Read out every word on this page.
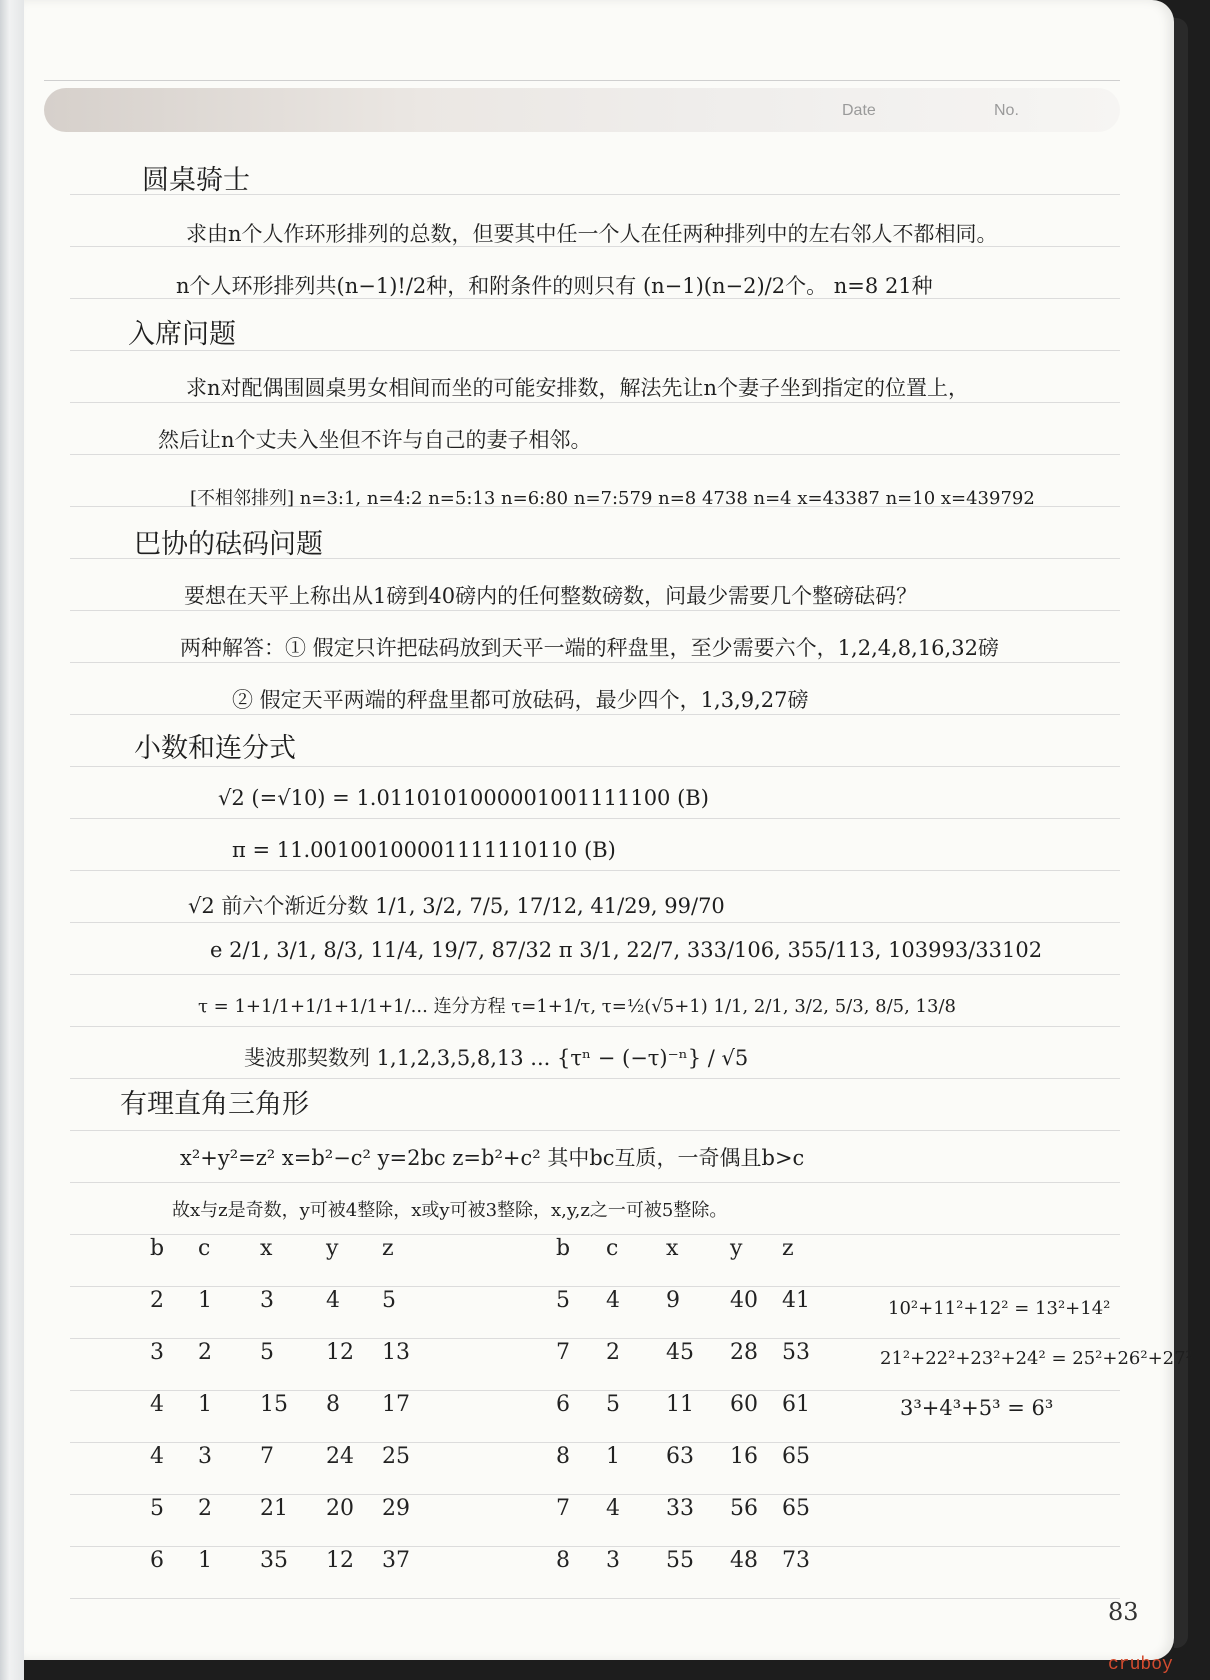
Date	No.
圆桌骑士
求由n个人作环形排列的总数，但要其中任一个人在任两种排列中的左右邻人不都相同。
n个人环形排列共(n−1)!/2种，和附条件的则只有 (n−1)(n−2)/2个。 n=8 21种
入席问题
求n对配偶围圆桌男女相间而坐的可能安排数，解法先让n个妻子坐到指定的位置上，
然后让n个丈夫入坐但不许与自己的妻子相邻。
[不相邻排列] n=3:1, n=4:2 n=5:13 n=6:80 n=7:579 n=8 4738 n=4 x=43387 n=10 x=439792
巴协的砝码问题
要想在天平上称出从1磅到40磅内的任何整数磅数，问最少需要几个整磅砝码？
两种解答：① 假定只许把砝码放到天平一端的秤盘里，至少需要六个，1,2,4,8,16,32磅
② 假定天平两端的秤盘里都可放砝码，最少四个，1,3,9,27磅
小数和连分式
√2 (=√10) = 1.0110101000001001111100 (B)
π = 11.00100100001111110110 (B)
√2 前六个渐近分数 1/1, 3/2, 7/5, 17/12, 41/29, 99/70
e 2/1, 3/1, 8/3, 11/4, 19/7, 87/32 π 3/1, 22/7, 333/106, 355/113, 103993/33102
τ = 1+1/1+1/1+1/1+1/... 连分方程 τ=1+1/τ, τ=½(√5+1) 1/1, 2/1, 3/2, 5/3, 8/5, 13/8
斐波那契数列 1,1,2,3,5,8,13 ... {τⁿ − (−τ)⁻ⁿ} / √5
有理直角三角形
x²+y²=z² x=b²−c² y=2bc z=b²+c² 其中bc互质，一奇偶且b>c
故x与z是奇数，y可被4整除，x或y可被3整除，x,y,z之一可被5整除。
b c x y z
2 1 3 4 5
3 2 5 12 13
4 1 15 8 17
4 3 7 24 25
5 2 21 20 29
6 1 35 12 37
b c x y z
5 4 9 40 41
7 2 45 28 53
6 5 11 60 61
8 1 63 16 65
7 4 33 56 65
8 3 55 48 73
10²+11²+12² = 13²+14²
21²+22²+23²+24² = 25²+26²+27²
3³+4³+5³ = 6³
83
cruboy
